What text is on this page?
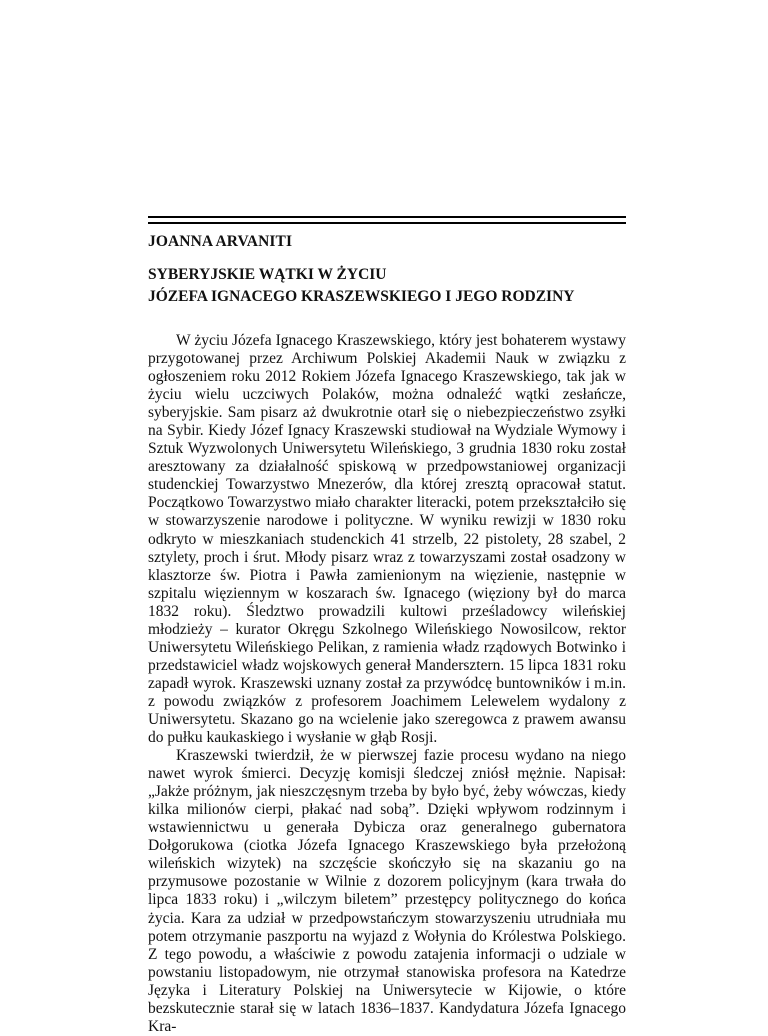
JOANNA ARVANITI

SYBERYJSKIE WĄTKI W ŻYCIU
JÓZEFA IGNACEGO KRASZEWSKIEGO I JEGO RODZINY

W życiu Józefa Ignacego Kraszewskiego, który jest bohaterem wystawy przygotowanej przez Archiwum Polskiej Akademii Nauk w związku z ogłoszeniem roku 2012 Rokiem Józefa Ignacego Kraszewskiego, tak jak w życiu wielu uczciwych Polaków, można odnaleźć wątki zesłańcze, syberyjskie. Sam pisarz aż dwukrotnie otarł się o niebezpieczeństwo zsyłki na Sybir. Kiedy Józef Ignacy Kraszewski studiował na Wydziale Wymowy i Sztuk Wyzwolonych Uniwersytetu Wileńskiego, 3 grudnia 1830 roku został aresztowany za działalność spiskową w przedpowstaniowej organizacji studenckiej Towarzystwo Mnezerów, dla której zresztą opracował statut. Początkowo Towarzystwo miało charakter literacki, potem przekształciło się w stowarzyszenie narodowe i polityczne. W wyniku rewizji w 1830 roku odkryto w mieszkaniach studenckich 41 strzelb, 22 pistolety, 28 szabel, 2 sztylety, proch i śrut. Młody pisarz wraz z towarzyszami został osadzony w klasztorze św. Piotra i Pawła zamienionym na więzienie, następnie w szpitalu więziennym w koszarach św. Ignacego (więziony był do marca 1832 roku). Śledztwo prowadzili kultowi prześladowcy wileńskiej młodzieży – kurator Okręgu Szkolnego Wileńskiego Nowosilcow, rektor Uniwersytetu Wileńskiego Pelikan, z ramienia władz rządowych Botwinko i przedstawiciel władz wojskowych generał Mandersztern. 15 lipca 1831 roku zapadł wyrok. Kraszewski uznany został za przywódcę buntowników i m.in. z powodu związków z profesorem Joachimem Lelewelem wydalony z Uniwersytetu. Skazano go na wcielenie jako szeregowca z prawem awansu do pułku kaukaskiego i wysłanie w głąb Rosji.

Kraszewski twierdził, że w pierwszej fazie procesu wydano na niego nawet wyrok śmierci. Decyzję komisji śledczej zniósł mężnie. Napisał: „Jakże próżnym, jak nieszczęsnym trzeba by było być, żeby wówczas, kiedy kilka milionów cierpi, płakać nad sobą”. Dzięki wpływom rodzinnym i wstawiennictwu u generała Dybicza oraz generalnego gubernatora Dołgorukowa (ciotka Józefa Ignacego Kraszewskiego była przełożoną wileńskich wizytek) na szczęście skończyło się na skazaniu go na przymusowe pozostanie w Wilnie z dozorem policyjnym (kara trwała do lipca 1833 roku) i „wilczym biletem” przestępcy politycznego do końca życia. Kara za udział w przedpowstańczym stowarzyszeniu utrudniała mu potem otrzymanie paszportu na wyjazd z Wołynia do Królestwa Polskiego. Z tego powodu, a właściwie z powodu zatajenia informacji o udziale w powstaniu listopadowym, nie otrzymał stanowiska profesora na Katedrze Języka i Literatury Polskiej na Uniwersytecie w Kijowie, o które bezskutecznie starał się w latach 1836–1837. Kandydatura Józefa Ignacego Kra-
